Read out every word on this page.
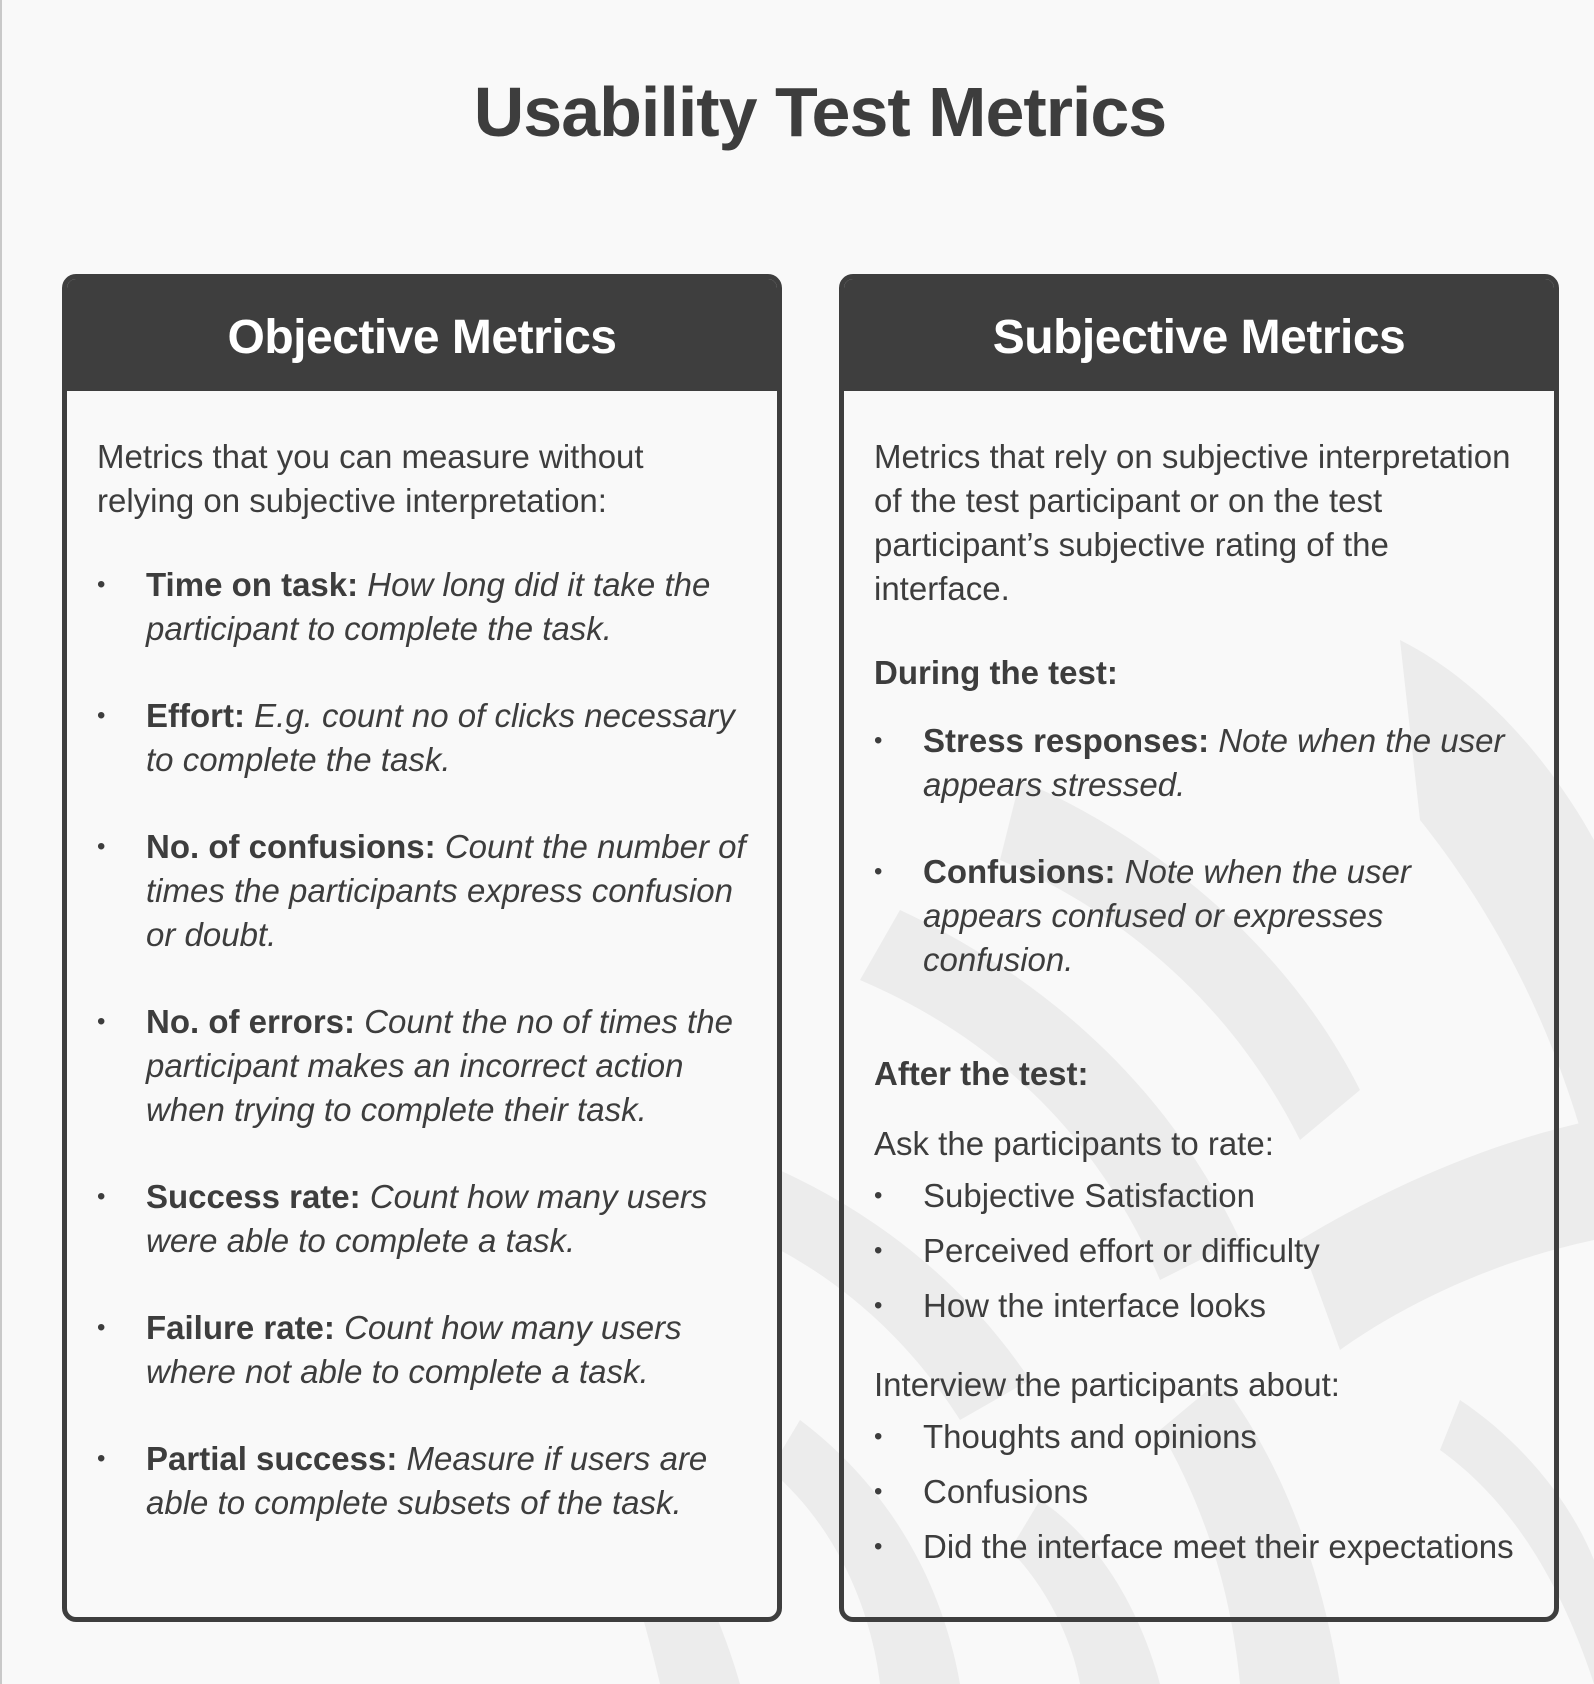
Usability Test Metrics
Objective Metrics

Metrics that you can measure without relying on subjective interpretation:

•	Time on task: How long did it take the participant to complete the task.
•	Effort: E.g. count no of clicks necessary to complete the task.
•	No. of confusions: Count the number of times the participants express confusion or doubt.
•	No. of errors: Count the no of times the participant makes an incorrect action when trying to complete their task.
•	Success rate: Count how many users were able to complete a task.
•	Failure rate: Count how many users where not able to complete a task.
•	Partial success: Measure if users are able to complete subsets of the task.
Subjective Metrics

Metrics that rely on subjective interpretation of the test participant or on the test participant’s subjective rating of the interface.

During the test:

•	Stress responses: Note when the user appears stressed.
•	Confusions: Note when the user appears confused or expresses confusion.

After the test:

Ask the participants to rate:

• Subjective Satisfaction
• Perceived effort or difficulty
• How the interface looks

Interview the participants about:

• Thoughts and opinions
• Confusions
• Did the interface meet their expectations
